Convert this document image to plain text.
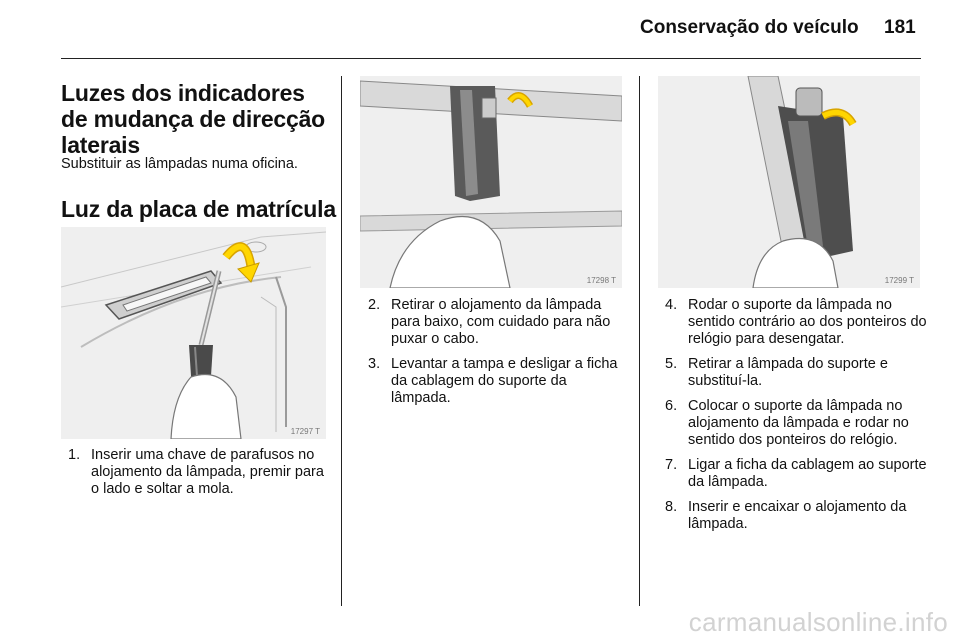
Conservação do veículo 181
Luzes dos indicadores de mudança de direcção laterais
Substituir as lâmpadas numa oficina.
Luz da placa de matrícula
17297 T
1. Inserir uma chave de parafusos no alojamento da lâmpada, premir para o lado e soltar a mola.
17298 T
2. Retirar o alojamento da lâmpada para baixo, com cuidado para não puxar o cabo.
3. Levantar a tampa e desligar a ficha da cablagem do suporte da lâmpada.
17299 T
4. Rodar o suporte da lâmpada no sentido contrário ao dos ponteiros do relógio para desengatar.
5. Retirar a lâmpada do suporte e substituí-la.
6. Colocar o suporte da lâmpada no alojamento da lâmpada e rodar no sentido dos ponteiros do relógio.
7. Ligar a ficha da cablagem ao suporte da lâmpada.
8. Inserir e encaixar o alojamento da lâmpada.
carmanualsonline.info
